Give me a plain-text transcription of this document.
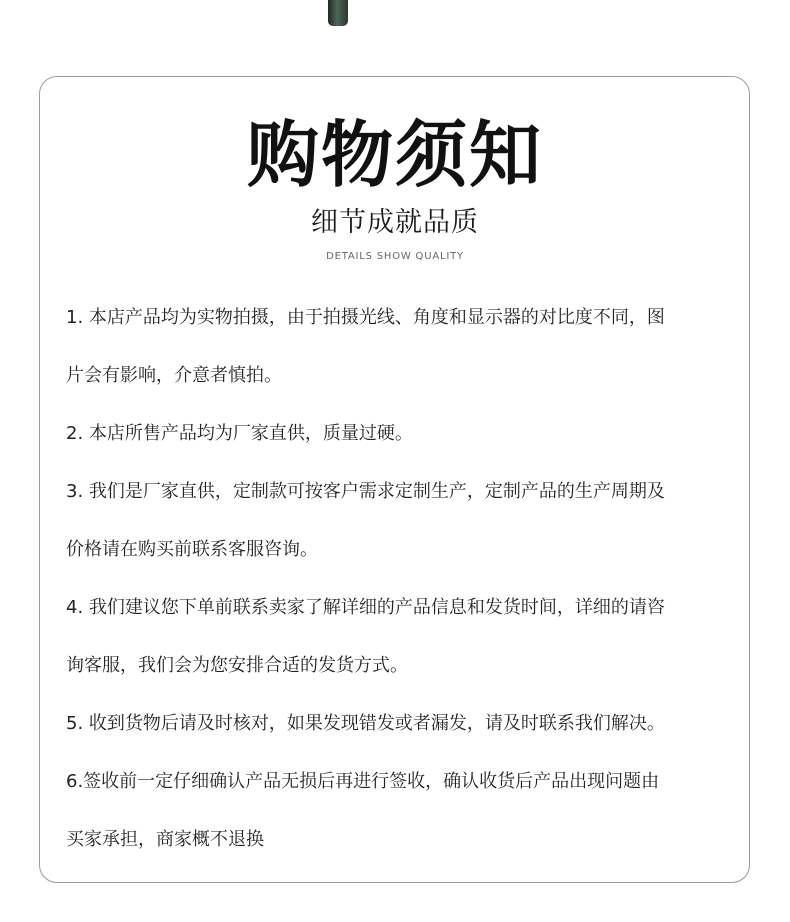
购物须知
细节成就品质
DETAILS SHOW QUALITY
1. 本店产品均为实物拍摄，由于拍摄光线、角度和显示器的对比度不同，图
片会有影响，介意者慎拍。
2. 本店所售产品均为厂家直供，质量过硬。
3. 我们是厂家直供，定制款可按客户需求定制生产，定制产品的生产周期及
价格请在购买前联系客服咨询。
4. 我们建议您下单前联系卖家了解详细的产品信息和发货时间，详细的请咨
询客服，我们会为您安排合适的发货方式。
5. 收到货物后请及时核对，如果发现错发或者漏发，请及时联系我们解决。
6.签收前一定仔细确认产品无损后再进行签收，确认收货后产品出现问题由
买家承担，商家概不退换
